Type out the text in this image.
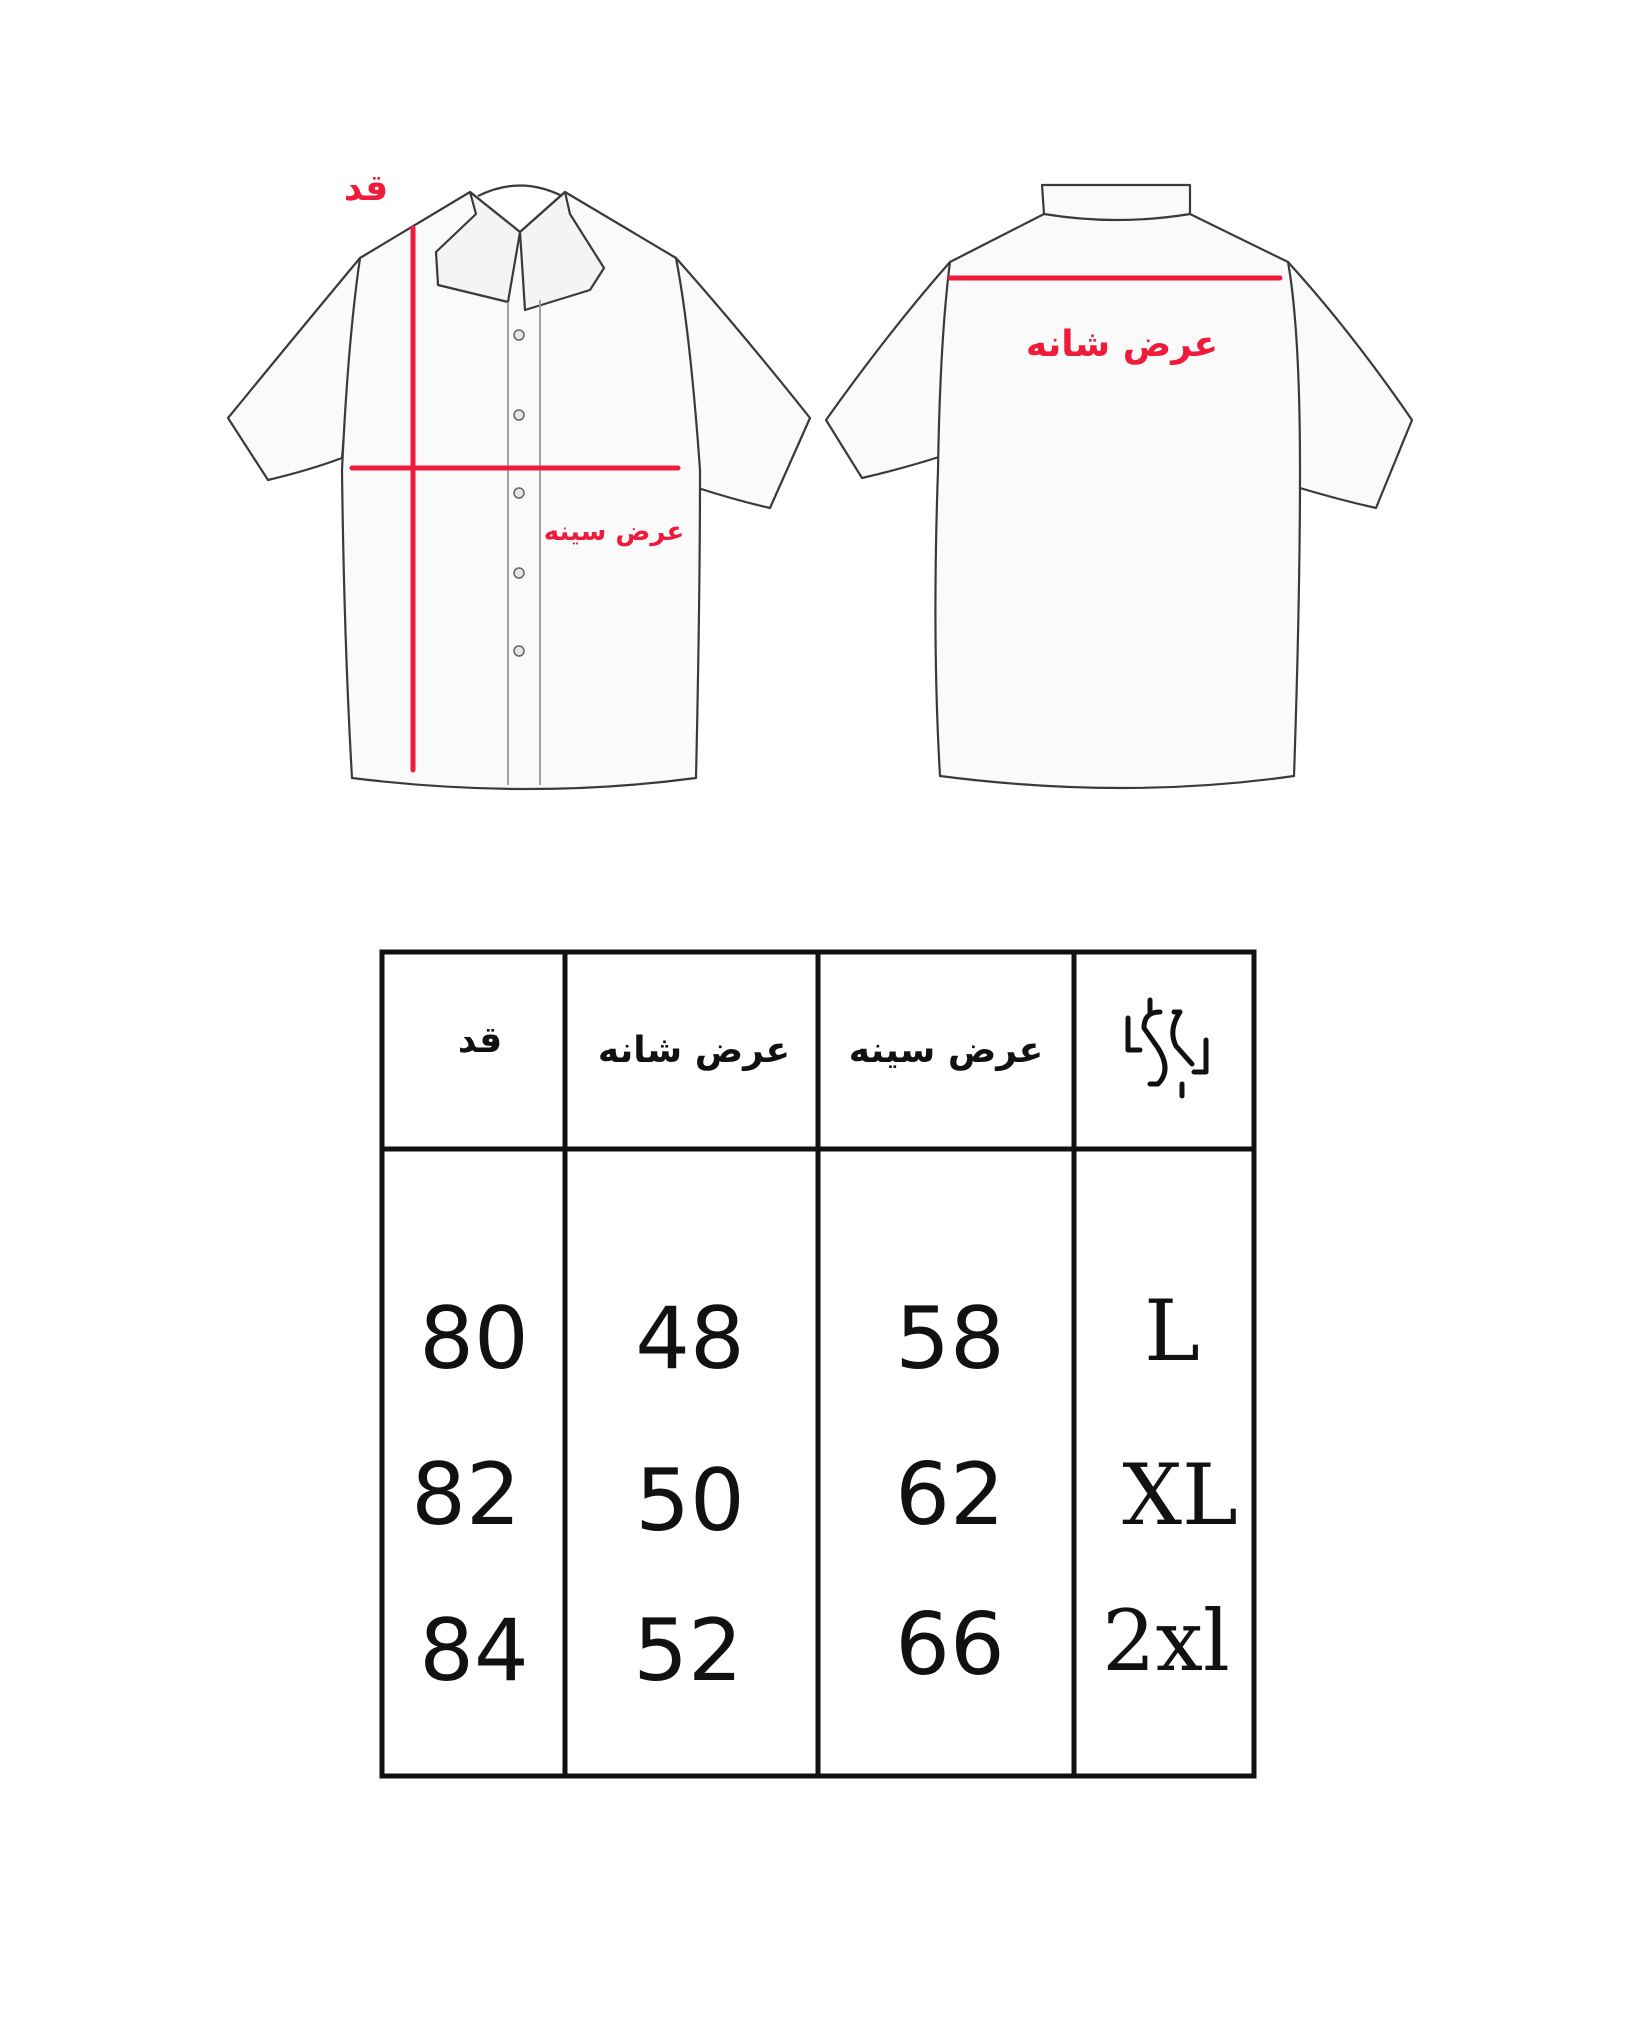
قد
عرض سینه
عرض شانه
قد	عرض شانه عرض سینه
80
82
84
48
50
52
58
62
66
L
XL
2xl
